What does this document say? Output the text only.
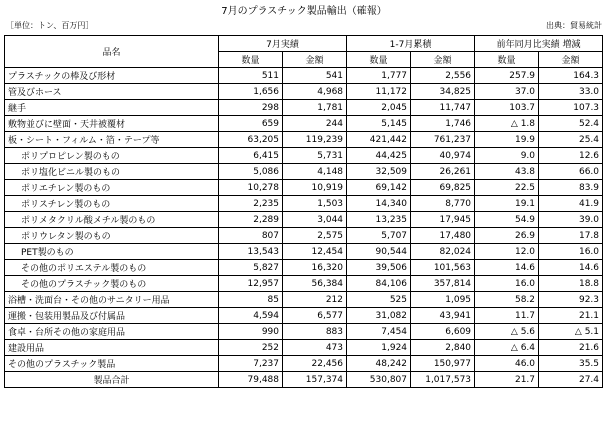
7月のプラスチック製品輸出（確報）
［単位：トン、百万円］	出典：貿易統計
品名	7月実績		1-7月累積		前年同月比実績 増減	
	数量	金額	数量	金額	数量	金額
プラスチックの棒及び形材	511	541	1,777	2,556	257.9	164.3
管及びホース	1,656	4,968	11,172	34,825	37.0	33.0
継手	298	1,781	2,045	11,747	103.7	107.3
敷物並びに壁面・天井被覆材	659	244	5,145	1,746	△ 1.8	52.4
板・シート・フィルム・箔・テープ等	63,205	119,239	421,442	761,237	19.9	25.4
ポリプロピレン製のもの	6,415	5,731	44,425	40,974	9.0	12.6
ポリ塩化ビニル製のもの	5,086	4,148	32,509	26,261	43.8	66.0
ポリエチレン製のもの	10,278	10,919	69,142	69,825	22.5	83.9
ポリスチレン製のもの	2,235	1,503	14,340	8,770	19.1	41.9
ポリメタクリル酸メチル製のもの	2,289	3,044	13,235	17,945	54.9	39.0
ポリウレタン製のもの	807	2,575	5,707	17,480	26.9	17.8
PET製のもの	13,543	12,454	90,544	82,024	12.0	16.0
その他のポリエステル製のもの	5,827	16,320	39,506	101,563	14.6	14.6
その他のプラスチック製のもの	12,957	56,384	84,106	357,814	16.0	18.8
浴槽・洗面台・その他のサニタリー用品	85	212	525	1,095	58.2	92.3
運搬・包装用製品及び付属品	4,594	6,577	31,082	43,941	11.7	21.1
食卓・台所その他の家庭用品	990	883	7,454	6,609	△ 5.6	△ 5.1
建設用品	252	473	1,924	2,840	△ 6.4	21.6
その他のプラスチック製品	7,237	22,456	48,242	150,977	46.0	35.5
製品合計	79,488	157,374	530,807	1,017,573	21.7	27.4
